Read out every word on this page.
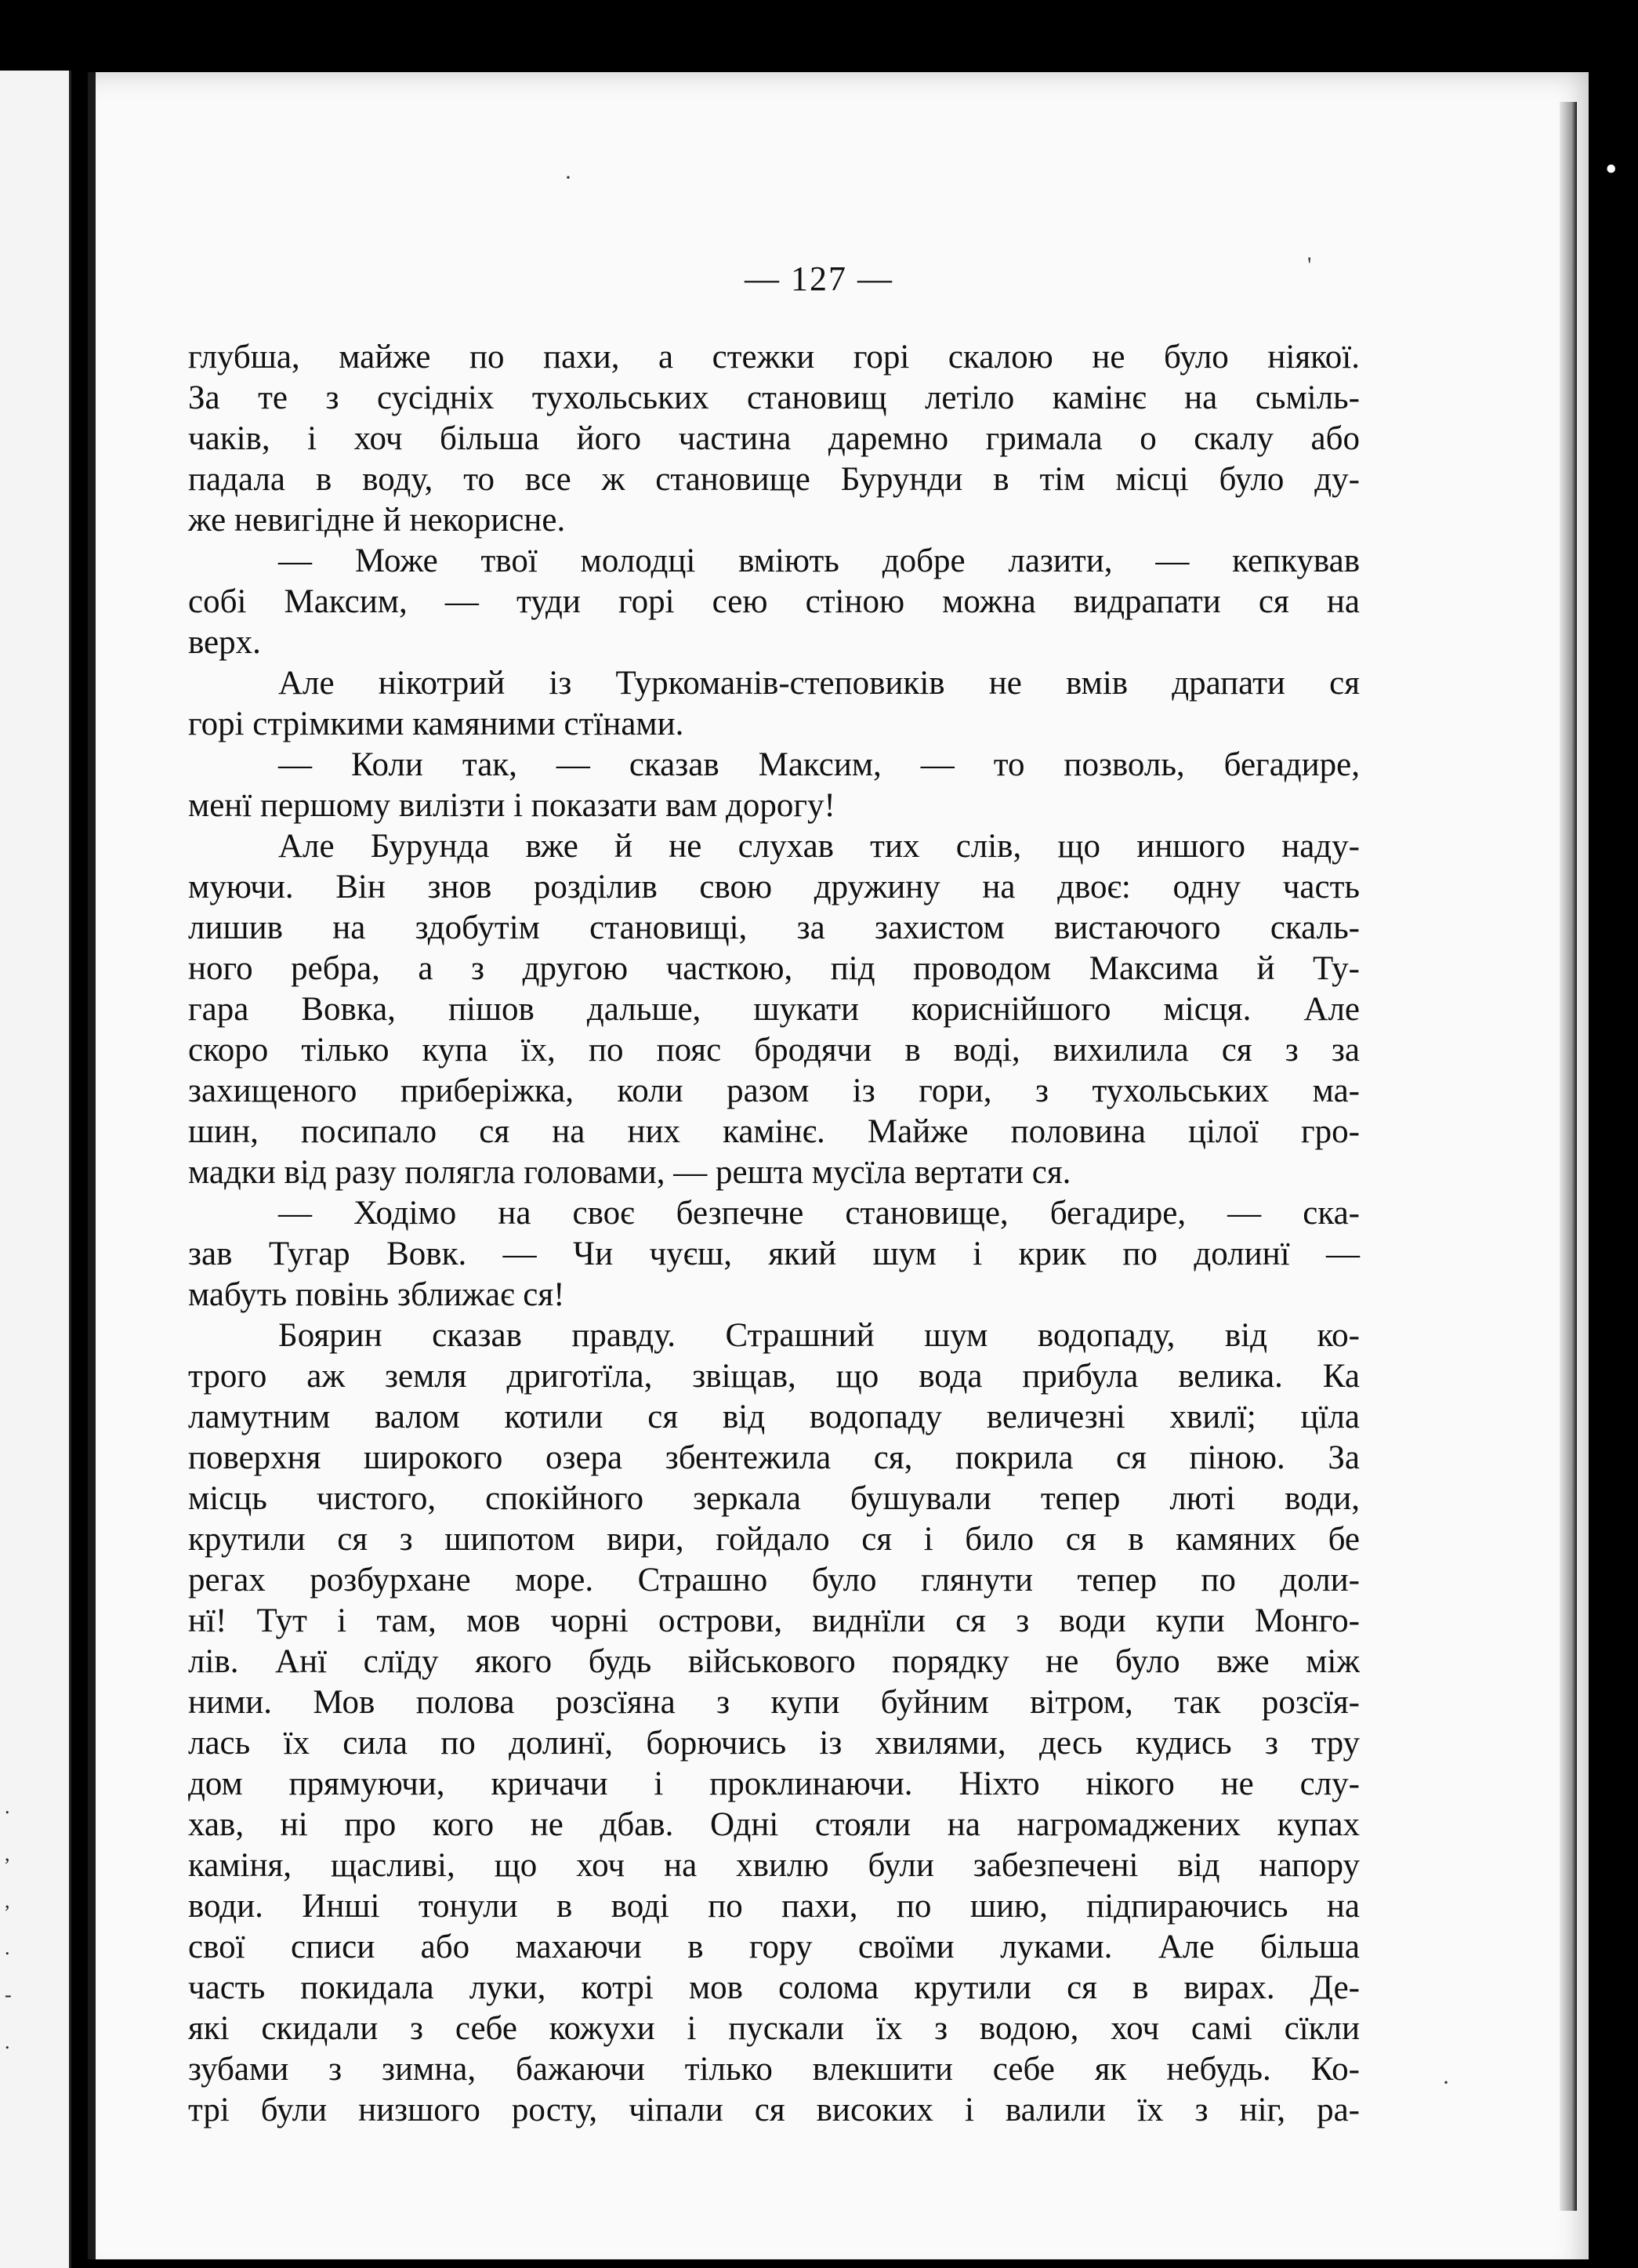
.
,
,
.
-
.
'
·
·
•
— 127 —
глубша, майже по пахи, а стежки горі скалою не було ніякої.
За те з сусідніх тухольських становищ летіло камінє на сьміль-
чаків, і хоч більша його частина даремно гримала о скалу або
падала в воду, то все ж становище Бурунди в тім місці було ду-
же невигідне й некорисне.
— Може твої молодці вміють добре лазити, — кепкував
собі Максим, — туди горі сею стіною можна видрапати ся на
верх.
Але нікотрий із Туркоманів-степовиків не вмів драпати ся
горі стрімкими камяними стїнами.
— Коли так, — сказав Максим, — то позволь, бегадире,
менї першому вилізти і показати вам дорогу!
Але Бурунда вже й не слухав тих слів, що иншого наду-
муючи. Він знов розділив свою дружину на двоє: одну часть
лишив на здобутім становищі, за захистом вистаючого скаль-
ного ребра, а з другою часткою, під проводом Максима й Ту-
гара Вовка, пішов дальше, шукати кориснійшого місця. Але
скоро тілько купа їх, по пояс бродячи в воді, вихилила ся з за
захищеного приберіжка, коли разом із гори, з тухольських ма-
шин, посипало ся на них камінє. Майже половина цілої гро-
мадки від разу полягла головами, — решта мусїла вертати ся.
— Ходімо на своє безпечне становище, бегадире, — ска-
зав Тугар Вовк. — Чи чуєш, який шум і крик по долинї —
мабуть повінь зближає ся!
Боярин сказав правду. Страшний шум водопаду, від ко-
трого аж земля дриготїла, звіщав, що вода прибула велика. Ка
ламутним валом котили ся від водопаду величезні хвилї; цїла
поверхня широкого озера збентежила ся, покрила ся піною. За
місць чистого, спокійного зеркала бушували тепер люті води,
крутили ся з шипотом вири, гойдало ся і било ся в камяних бе
регах розбурхане море. Страшно було глянути тепер по доли-
нї! Тут і там, мов чорні острови, виднїли ся з води купи Монго-
лів. Анї слїду якого будь військового порядку не було вже між
ними. Мов полова розсїяна з купи буйним вітром, так розсїя-
лась їх сила по долинї, борючись із хвилями, десь кудись з тру
дом прямуючи, кричачи і проклинаючи. Ніхто нікого не слу-
хав, ні про кого не дбав. Одні стояли на нагромаджених купах
каміня, щасливі, що хоч на хвилю були забезпечені від напору
води. Инші тонули в воді по пахи, по шию, підпираючись на
свої списи або махаючи в гору своїми луками. Але більша
часть покидала луки, котрі мов солома крутили ся в вирах. Де-
які скидали з себе кожухи і пускали їх з водою, хоч самі сїкли
зубами з зимна, бажаючи тілько влекшити себе як небудь. Ко-
трі були низшого росту, чіпали ся високих і валили їх з ніг, ра-
